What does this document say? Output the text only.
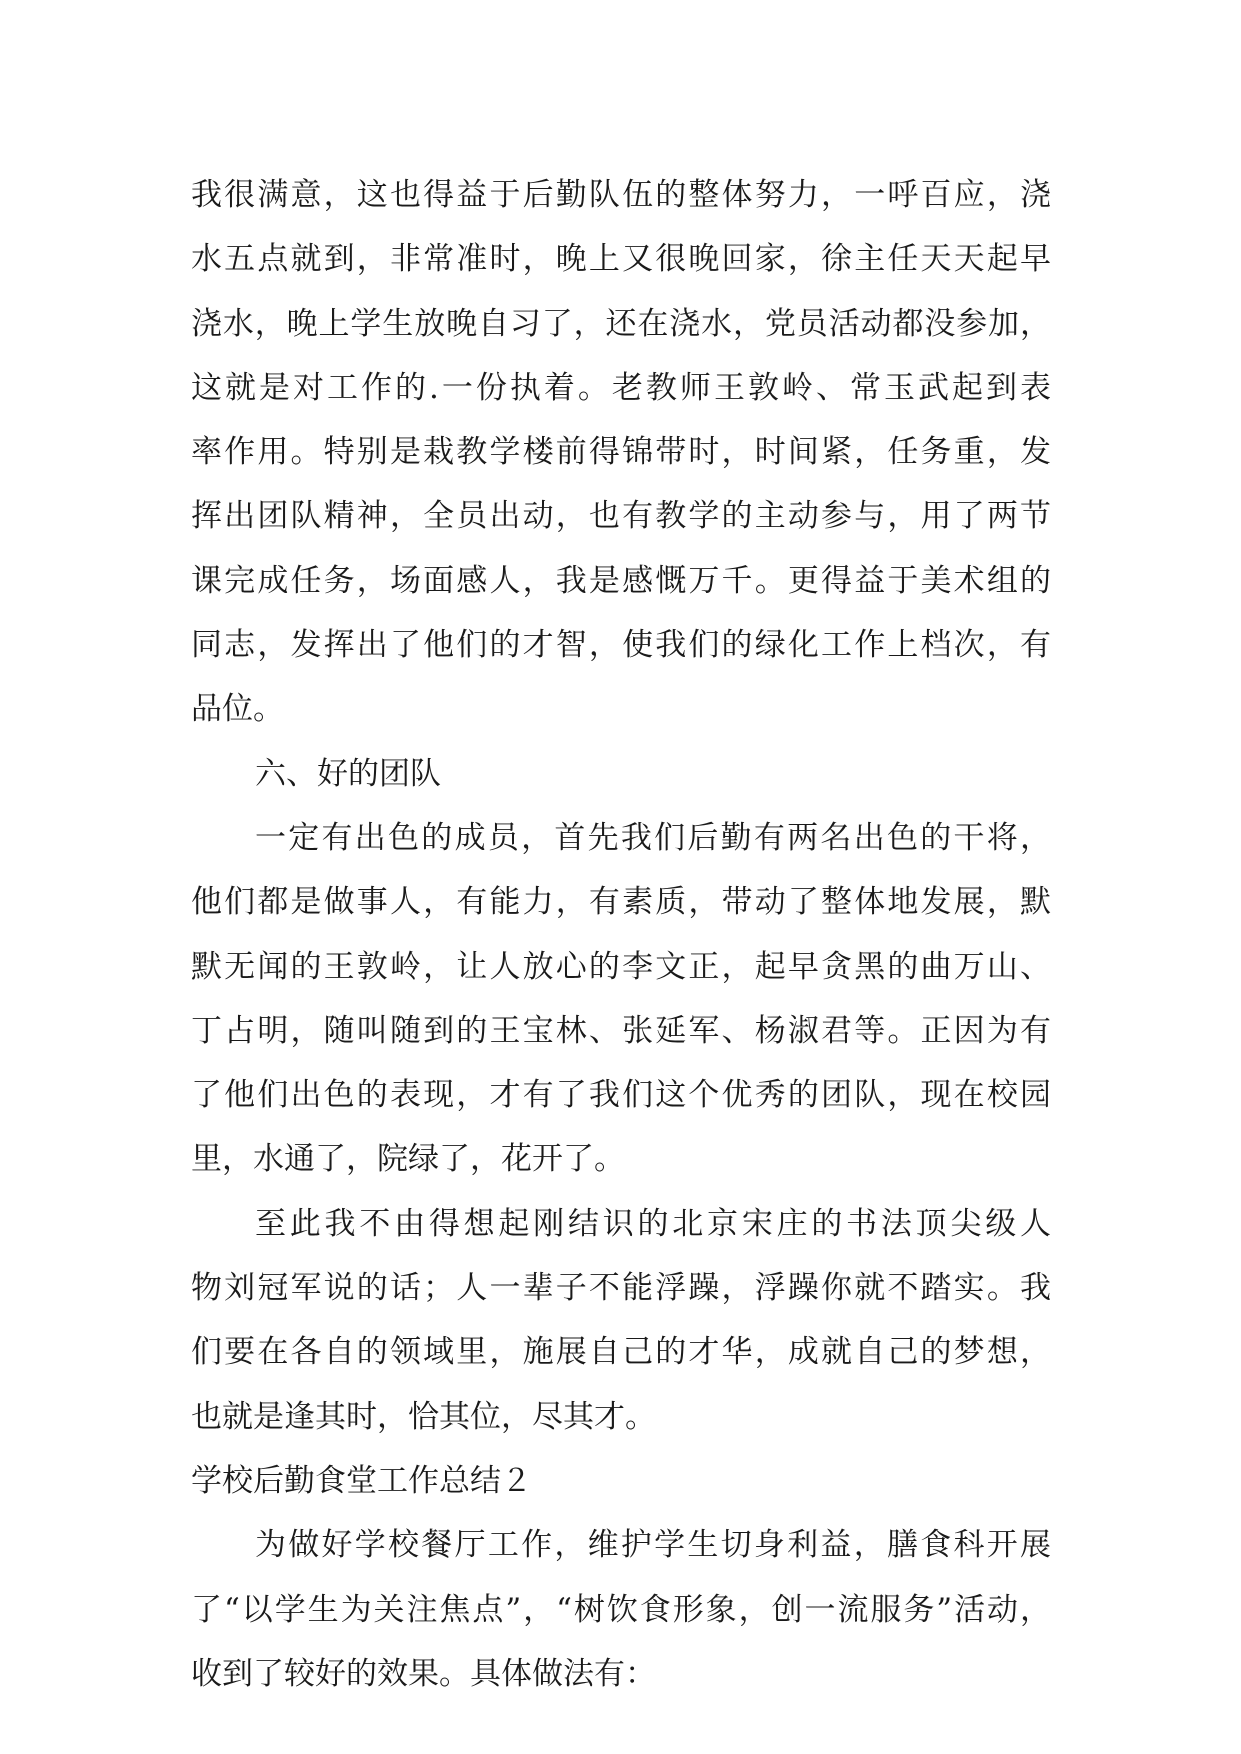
我很满意，这也得益于后勤队伍的整体努力，一呼百应，浇
水五点就到，非常准时，晚上又很晚回家，徐主任天天起早
浇水，晚上学生放晚自习了，还在浇水，党员活动都没参加，
这就是对工作的.一份执着。老教师王敦岭、常玉武起到表
率作用。特别是栽教学楼前得锦带时，时间紧，任务重，发
挥出团队精神，全员出动，也有教学的主动参与，用了两节
课完成任务，场面感人，我是感慨万千。更得益于美术组的
同志，发挥出了他们的才智，使我们的绿化工作上档次，有
品位。
六、好的团队
一定有出色的成员，首先我们后勤有两名出色的干将，
他们都是做事人，有能力，有素质，带动了整体地发展，默
默无闻的王敦岭，让人放心的李文正，起早贪黑的曲万山、
丁占明，随叫随到的王宝林、张延军、杨淑君等。正因为有
了他们出色的表现，才有了我们这个优秀的团队，现在校园
里，水通了，院绿了，花开了。
至此我不由得想起刚结识的北京宋庄的书法顶尖级人
物刘冠军说的话；人一辈子不能浮躁，浮躁你就不踏实。我
们要在各自的领域里，施展自己的才华，成就自己的梦想，
也就是逢其时，恰其位，尽其才。
学校后勤食堂工作总结２
为做好学校餐厅工作，维护学生切身利益，膳食科开展
了“以学生为关注焦点”，“树饮食形象，创一流服务”活动，
收到了较好的效果。具体做法有：
